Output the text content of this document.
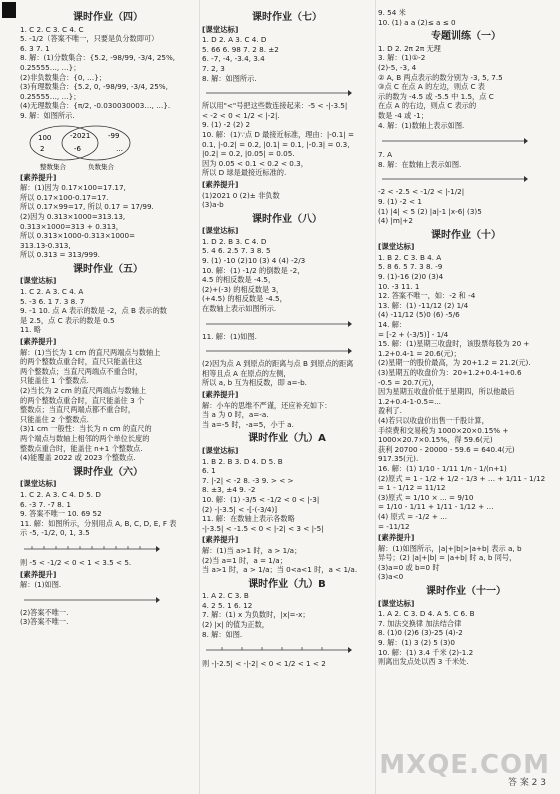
课时作业（四）
1. C 2. C 3. C 4. C
5. -1/2（答案不唯一，只要是负分数即可）
6. 3 7. 1
8. 解：(1)分数集合：{5.2, -98/99, -3/4, 25%,
0.25555…, …}；
(2)非负数集合：{0, …}；
(3)有理数集合：{5.2, 0, -98/99, -3/4, 25%,
0.25555…, …}；
(4)无理数集合：{π/2, -0.030030003…, …}.
9. 解：如图所示.
100	-2021	-99
2	-6	…
整数集合	负数集合
[素养提升]
解：(1)因为 0.17×100=17.17,
所以 0.17×100-0.17=17.
所以 0.17×99=17, 所以 0.17 = 17/99.
(2)因为 0.313×1000=313.13,
0.313×1000=313 + 0.313，
所以 0.313×1000-0.313×1000=
313.13-0.313,
所以 0.313 = 313/999.
课时作业（五）
[课堂达标]
1. C 2. A 3. C 4. A
5. -3 6. 1 7. 3 8. 7
9. -1 10. 点 A 表示的数是 -2，点 B 表示的数
是 2.5，点 C 表示的数是 0.5
11. 略
[素养提升]
解：(1)当长为 1 cm 的直尺两端点与数轴上
的两个整数点重合时，直尺只能盖住这
两个整数点；当直尺两端点不重合时，
只能盖住 1 个整数点.
(2)当长为 2 cm 的直尺两端点与数轴上
的两个整数点重合时，直尺能盖住 3 个
整数点；当直尺两端点都不重合时，
只能盖住 2 个整数点.
(3)1 cm 一般性：当长为 n cm 的直尺的
两个端点与数轴上相邻的两个单位长度的
整数点重合时，能盖住 n+1 个整数点.
(4)能覆盖 2022 或 2023 个整数点.
课时作业（六）
[课堂达标]
1. C 2. A 3. C 4. D 5. D
6. -3 7. -7 8. 1
9. 答案不唯一 10. 69 52
11. 解：如图所示，分别用点 A, B, C, D, E, F 表
示 -5, -1/2, 0, 1, 3.5
则 -5 < -1/2 < 0 < 1 < 3.5 < 5.
[素养提升]
解：(1)如图.
(2)答案不唯一.
(3)答案不唯一.
课时作业（七）
[课堂达标]
1. D 2. A 3. C 4. D
5. 66 6. 98 7. 2 8. ±2
6. -7, -4, -3.4, 3.4
7. 2, 3
8. 解：如图所示.
所以用"<"号把这些数连接起来：-5 < -|-3.5|
< -2 < 0 < 1/2 < |-2|.
9. (1) -2 (2) 2
10. 解：(1)∵点 D 最接近标准，理由：|-0.1| =
0.1, |-0.2| = 0.2, |0.1| = 0.1, |-0.3| = 0.3,
|0.2| = 0.2, |0.05| = 0.05.
因为 0.05 < 0.1 < 0.2 < 0.3，
所以 D 球是最接近标准的.
[素养提升]
(1)2021 0 (2)± 非负数
(3)a-b
课时作业（八）
[课堂达标]
1. D 2. B 3. C 4. D
5. 4 6. 2.5 7. 3 8. 5
9. (1) -10 (2)10 (3) 4 (4) -2/3
10. 解：(1) -1/2 的倒数是 -2，
4.5 的相反数是 -4.5，
(2)+(-3) 的相反数是 3，
(+4.5) 的相反数是 -4.5，
在数轴上表示如图所示.
11. 解：(1)如图.
(2)因为点 A 到原点的距离与点 B 到原点的距离
相等且点 A 在原点的左侧，
所以 a, b 互为相反数，即 a=-b.
[素养提升]
解：小车的思维不严谨，还应补充如下：
当 a 为 0 时，a=-a.
当 a=-5 时，-a=5，小于 a.
课时作业（九）A
[课堂达标]
1. B 2. B 3. D 4. D 5. B
6. 1
7. |-2| < -2 8. -3 9. > < >
8. ±3, ±4 9. -2
10. 解：(1) -3/5 < -1/2 < 0 < |-3|
(2) -|-3.5| < -[-(-3/4)]
11. 解：在数轴上表示各数略
-|-3.5| < -1.5 < 0 < |-2| < 3 < |-5|
[素养提升]
解：(1)当 a>1 时，a > 1/a；
(2)当 a=1 时，a = 1/a；
当 a>1 时，a > 1/a；当 0<a<1 时，a < 1/a.
课时作业（九）B
1. A 2. C 3. B
4. 2 5. 1 6. 12
7. 解：(1) x 为负数时，|x|=-x；
(2) |x| 的值为正数，
8. 解：如图.
则 -|-2.5| < -|-2| < 0 < 1/2 < 1 < 2
9. 54 米
10. (1) a a (2)≤ a ≤ 0
专题训练（一）
1. D 2. 2π 2π 无理
3. 解：(1)①-2
(2)-5, -3, 4
② A, B 两点表示的数分别为 -3, 5, 7.5
③点 C 在点 A 的左边，则点 C 表
示的数为 -4.5 或 -5.5 中 1.5，点 C
在点 A 的右边，则点 C 表示的
数是 -4 或 -1；
4. 解：(1)数轴上表示如图.
7. A
8. 解：在数轴上表示如图.
-2 < -2.5 < -1/2 < |-1/2|
9. (1) -2 < 1
(1) |4| < 5 (2) |a|-1 |x-6| (3)5
(4) |m|+2
课时作业（十）
[课堂达标]
1. B 2. C 3. B 4. A
5. 8 6. 5 7. 3 8. -9
9. (1)-16 (2)0 (3)4
10. -3 11. 1
12. 答案不唯一，如：-2 和 -4
13. 解：(1) -11/12 (2) 1/4
(4) -11/12 (5)0 (6) -5/6
14. 解：
= [-2 + (-3/5)] - 1/4
15. 解：(1)星期三收盘时，该股票每股为 20 +
1.2+0.4-1 = 20.6(元)；
(2)星期一的股价最高，为 20+1.2 = 21.2(元).
(3)星期五的收盘价为：20+1.2+0.4-1+0.6
-0.5 = 20.7(元)，
因为星期五收盘价低于星期四，所以他最后
1.2+0.4-1-0.5=...
盈利了.
(4)若只以收盘价出售一千股计算，
手续费和交易税为 1000×20×0.15% +
1000×20.7×0.15%，得 59.6(元)
获利 20700 - 20000 - 59.6 = 640.4(元)
917.35(元).
16. 解：(1) 1/10 - 1/11 1/n - 1/(n+1)
(2)原式 = 1 - 1/2 + 1/2 - 1/3 + … + 1/11 - 1/12
= 1 - 1/12 = 11/12
(3)原式 = 1/10 × ... = 9/10
= 1/10 - 1/11 + 1/11 - 1/12 + …
(4) 原式 = -1/2 + ...
= -11/12
[素养提升]
解：(1)如图所示，|a|+|b|>|a+b| 表示 a, b
异号；(2) |a|+|b| = |a+b| 时 a, b 同号，
(3)a=0 或 b=0 时
(3)a<0
课时作业（十一）
[课堂达标]
1. A 2. C 3. D 4. A 5. C 6. B
7. 加法交换律 加法结合律
8. (1)0 (2)6 (3)-25 (4)-2
9. 解：(1) 3 (2) 5 (3)0
10. 解：(1) 3.4 千米 (2)-1.2
则离出发点处以西 3 千米处.
MXQE.COM
答 案 2 3
